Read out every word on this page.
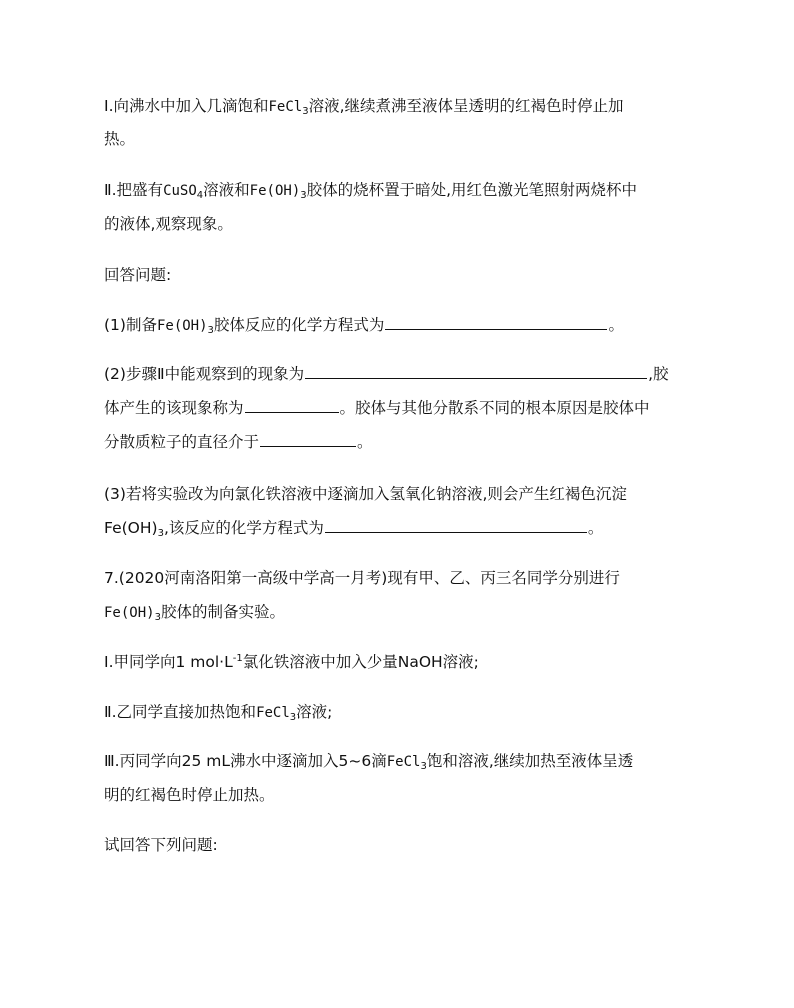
Ⅰ.向沸水中加入几滴饱和FeCl$_3$溶液,继续煮沸至液体呈透明的红褐色时停止加
热。
Ⅱ.把盛有CuSO$_4$溶液和$Fe(OH)_3$胶体的烧杯置于暗处,用红色激光笔照射两烧杯中
的液体,观察现象。
回答问题:
(1)制备$Fe(OH)_3$胶体反应的化学方程式为	。
(2)步骤Ⅱ中能观察到的现象为	,胶
体产生的该现象称为	。胶体与其他分散系不同的根本原因是胶体中
分散质粒子的直径介于	。
(3)若将实验改为向氯化铁溶液中逐滴加入氢氧化钠溶液,则会产生红褐色沉淀
$Fe(OH)_3$,该反应的化学方程式为	。
7.(2020河南洛阳第一高级中学高一月考)现有甲、乙、丙三名同学分别进行
$Fe(OH)_3$胶体的制备实验。
Ⅰ.甲同学向1 $mol\cdot L^{-1}$氯化铁溶液中加入少量NaOH溶液;
Ⅱ.乙同学直接加热饱和FeCl$_3$溶液;
Ⅲ.丙同学向25 mL沸水中逐滴加入5~6滴FeCl$_3$饱和溶液,继续加热至液体呈透
明的红褐色时停止加热。
试回答下列问题:
